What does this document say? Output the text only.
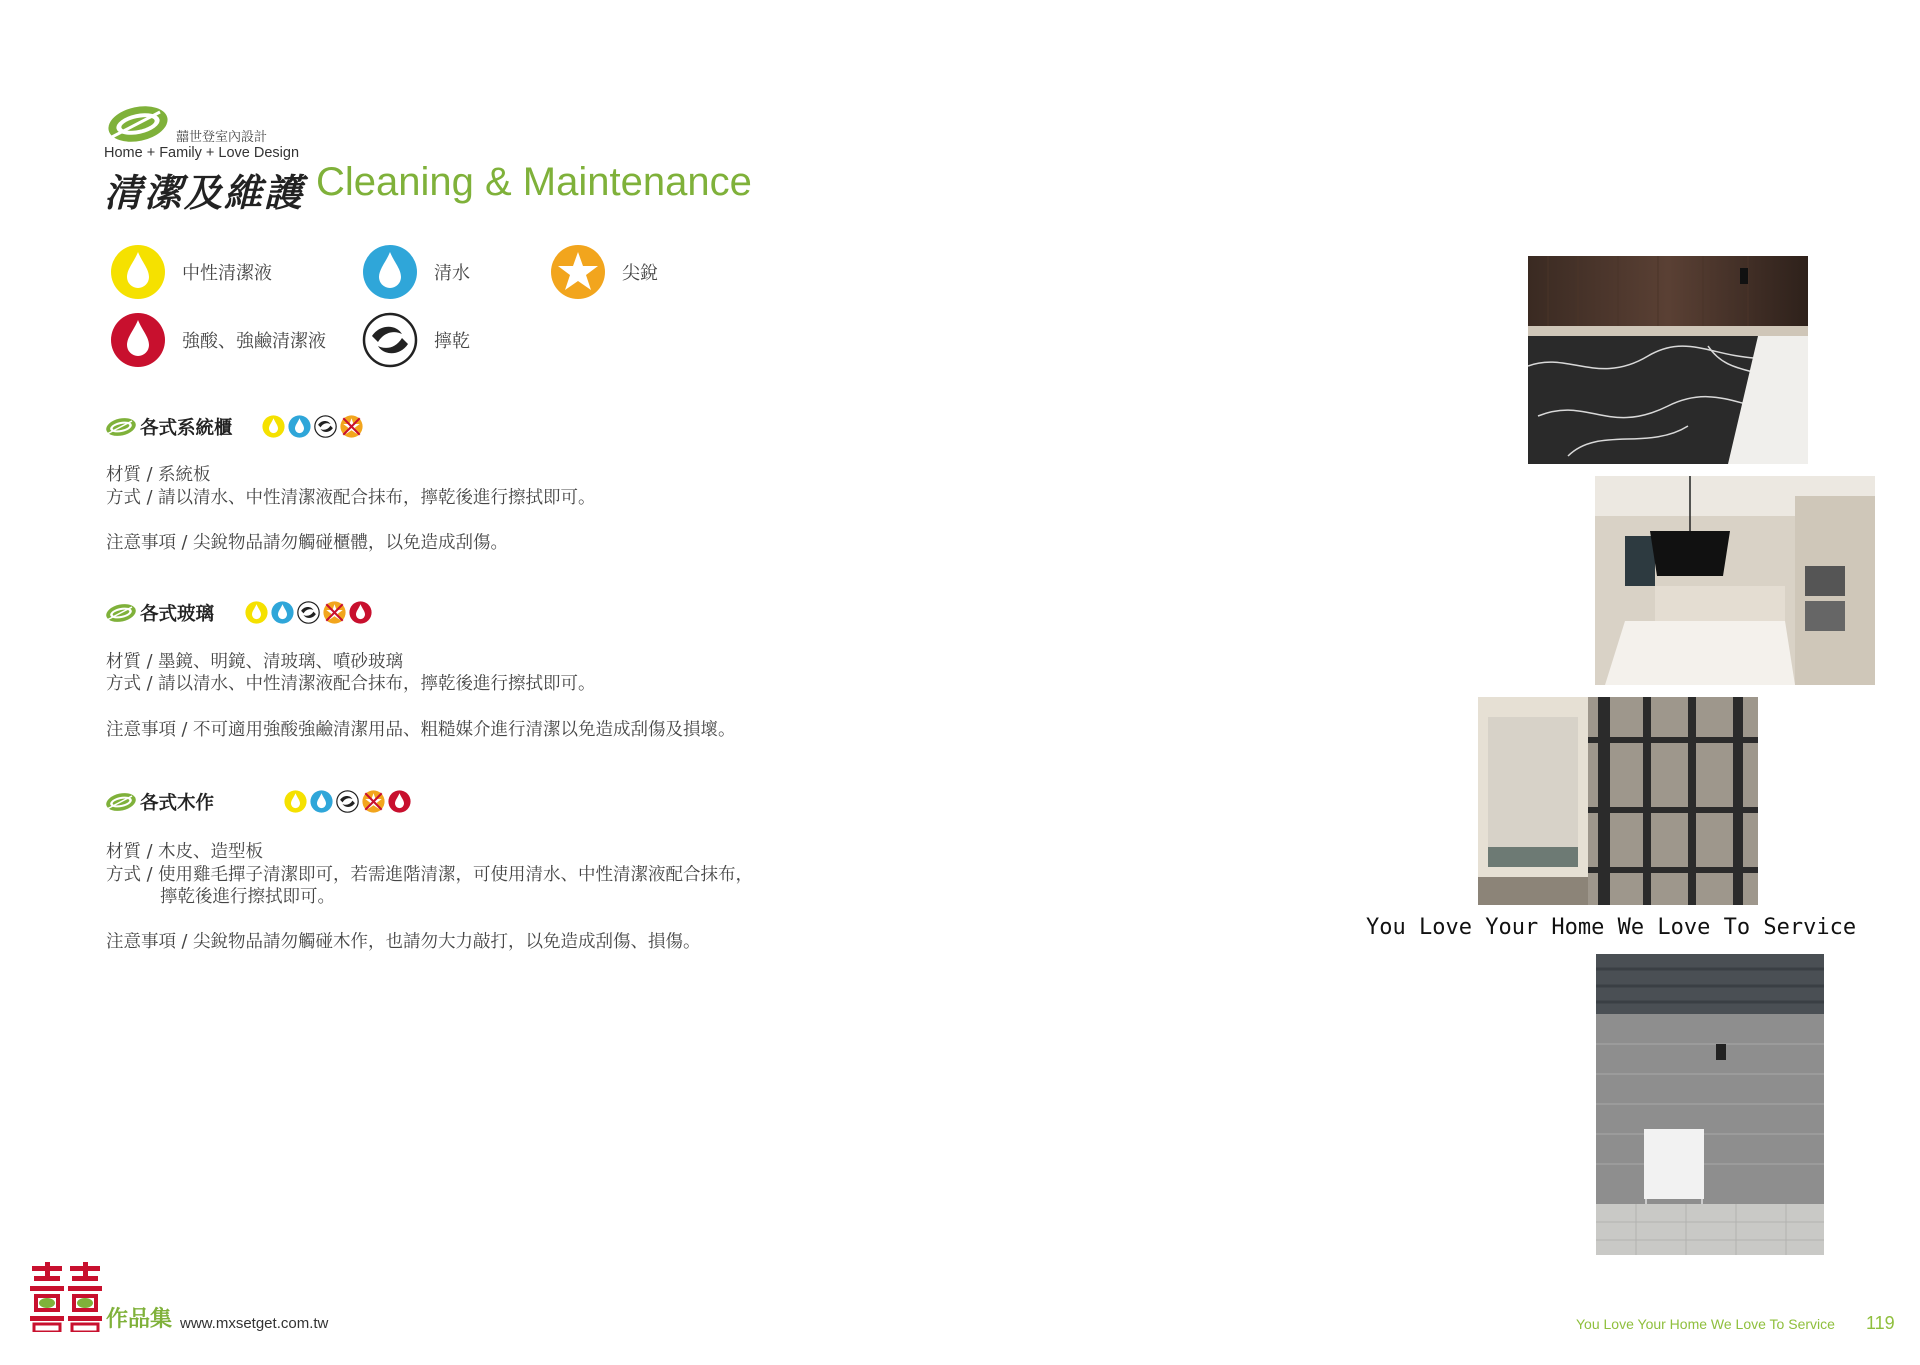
囍世登室內設計
Home + Family + Love Design
清潔及維護 Cleaning & Maintenance
中性清潔液	清水	尖銳
強酸、強鹼清潔液	擰乾
各式系統櫃
材質 / 系統板
方式 / 請以清水、中性清潔液配合抹布，擰乾後進行擦拭即可。
注意事項 / 尖銳物品請勿觸碰櫃體，以免造成刮傷。
各式玻璃
材質 / 墨鏡、明鏡、清玻璃、噴砂玻璃
方式 / 請以清水、中性清潔液配合抹布，擰乾後進行擦拭即可。
注意事項 / 不可適用強酸強鹼清潔用品、粗糙媒介進行清潔以免造成刮傷及損壞。
各式木作
材質 / 木皮、造型板
方式 / 使用雞毛撣子清潔即可，若需進階清潔，可使用清水、中性清潔液配合抹布，
擰乾後進行擦拭即可。
注意事項 / 尖銳物品請勿觸碰木作，也請勿大力敲打，以免造成刮傷、損傷。
You Love Your Home We Love To Service
作品集 www.mxsetget.com.tw	You Love Your Home We Love To Service 119
